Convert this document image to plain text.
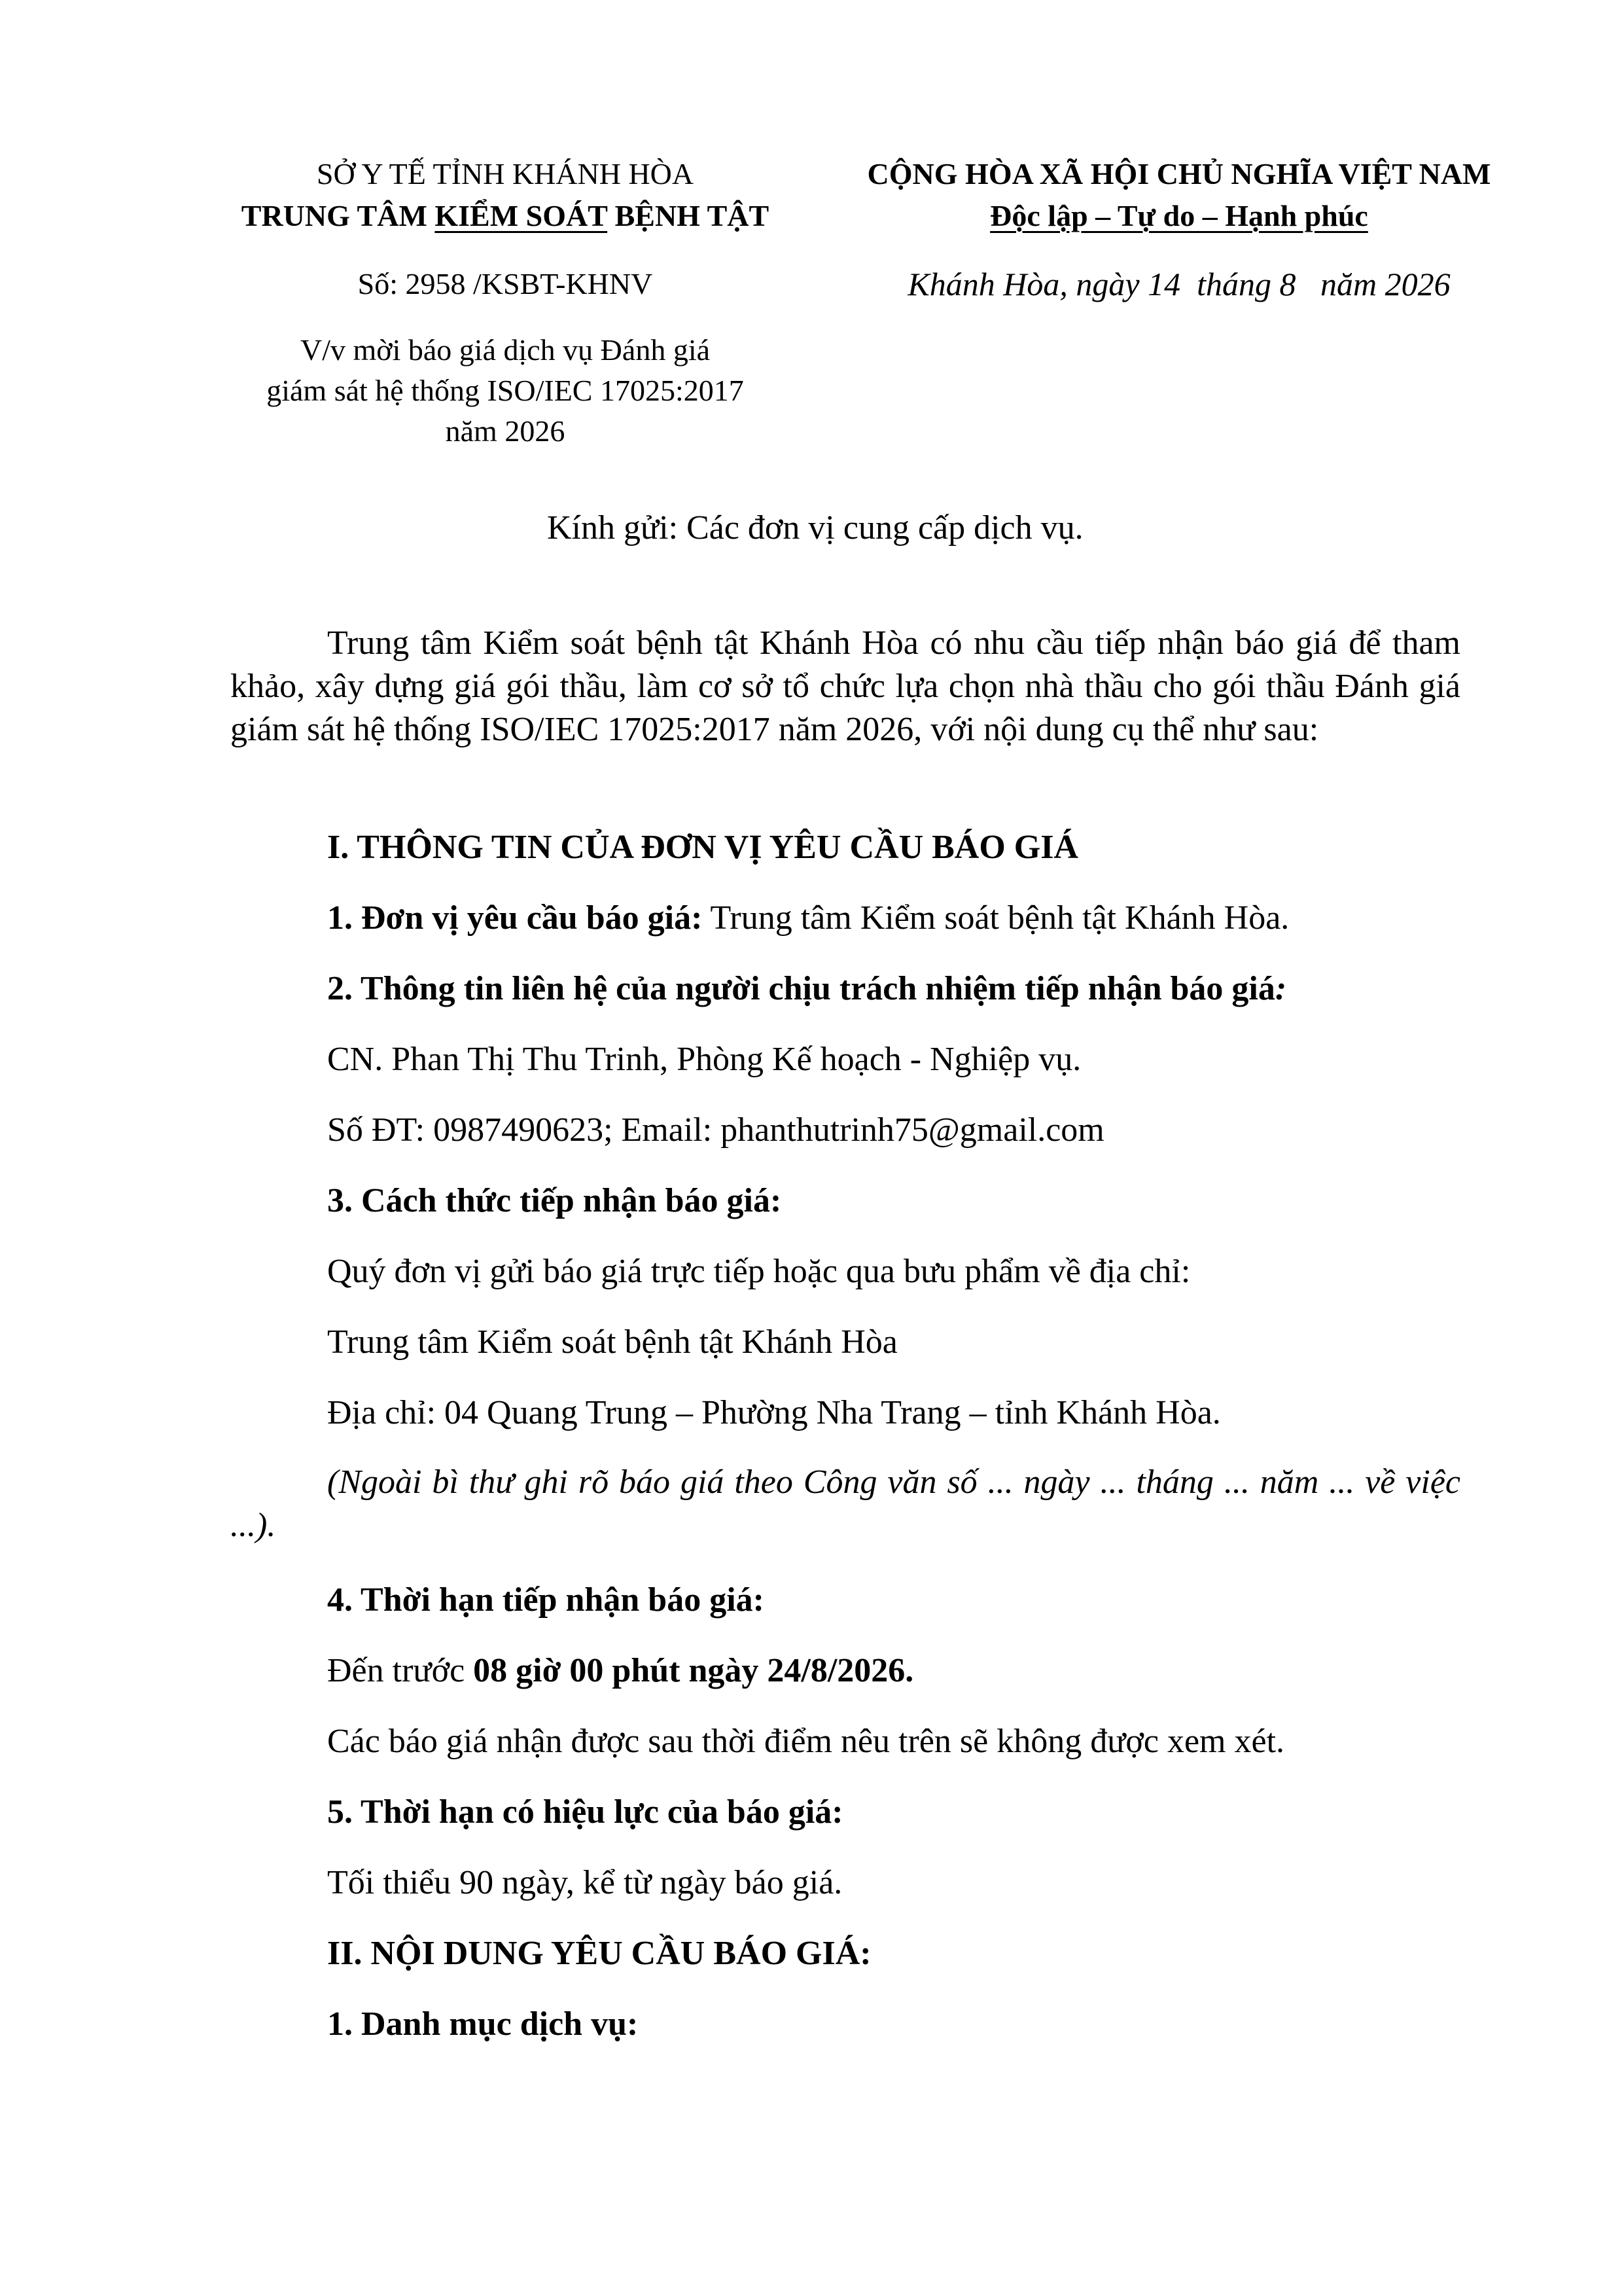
SỞ Y TẾ TỈNH KHÁNH HÒA
TRUNG TÂM KIỂM SOÁT BỆNH TẬT
Số: 2958 /KSBT-KHNV
V/v mời báo giá dịch vụ Đánh giá
giám sát hệ thống ISO/IEC 17025:2017
năm 2026
CỘNG HÒA XÃ HỘI CHỦ NGHĨA VIỆT NAM
Độc lập – Tự do – Hạnh phúc
Khánh Hòa, ngày 14  tháng 8   năm 2026
Kính gửi: Các đơn vị cung cấp dịch vụ.
Trung tâm Kiểm soát bệnh tật Khánh Hòa có nhu cầu tiếp nhận báo giá để tham khảo, xây dựng giá gói thầu, làm cơ sở tổ chức lựa chọn nhà thầu cho gói thầu Đánh giá giám sát hệ thống ISO/IEC 17025:2017 năm 2026, với nội dung cụ thể như sau:
I. THÔNG TIN CỦA ĐƠN VỊ YÊU CẦU BÁO GIÁ
1. Đơn vị yêu cầu báo giá: Trung tâm Kiểm soát bệnh tật Khánh Hòa.
2. Thông tin liên hệ của người chịu trách nhiệm tiếp nhận báo giá:
CN. Phan Thị Thu Trinh, Phòng Kế hoạch - Nghiệp vụ.
Số ĐT: 0987490623; Email: phanthutrinh75@gmail.com
3. Cách thức tiếp nhận báo giá:
Quý đơn vị gửi báo giá trực tiếp hoặc qua bưu phẩm về địa chỉ:
Trung tâm Kiểm soát bệnh tật Khánh Hòa
Địa chỉ: 04 Quang Trung – Phường Nha Trang – tỉnh Khánh Hòa.
(Ngoài bì thư ghi rõ báo giá theo Công văn số ... ngày ... tháng ... năm ... về việc ...).
4. Thời hạn tiếp nhận báo giá:
Đến trước 08 giờ 00 phút ngày 24/8/2026.
Các báo giá nhận được sau thời điểm nêu trên sẽ không được xem xét.
5. Thời hạn có hiệu lực của báo giá:
Tối thiểu 90 ngày, kể từ ngày báo giá.
II. NỘI DUNG YÊU CẦU BÁO GIÁ:
1. Danh mục dịch vụ:
